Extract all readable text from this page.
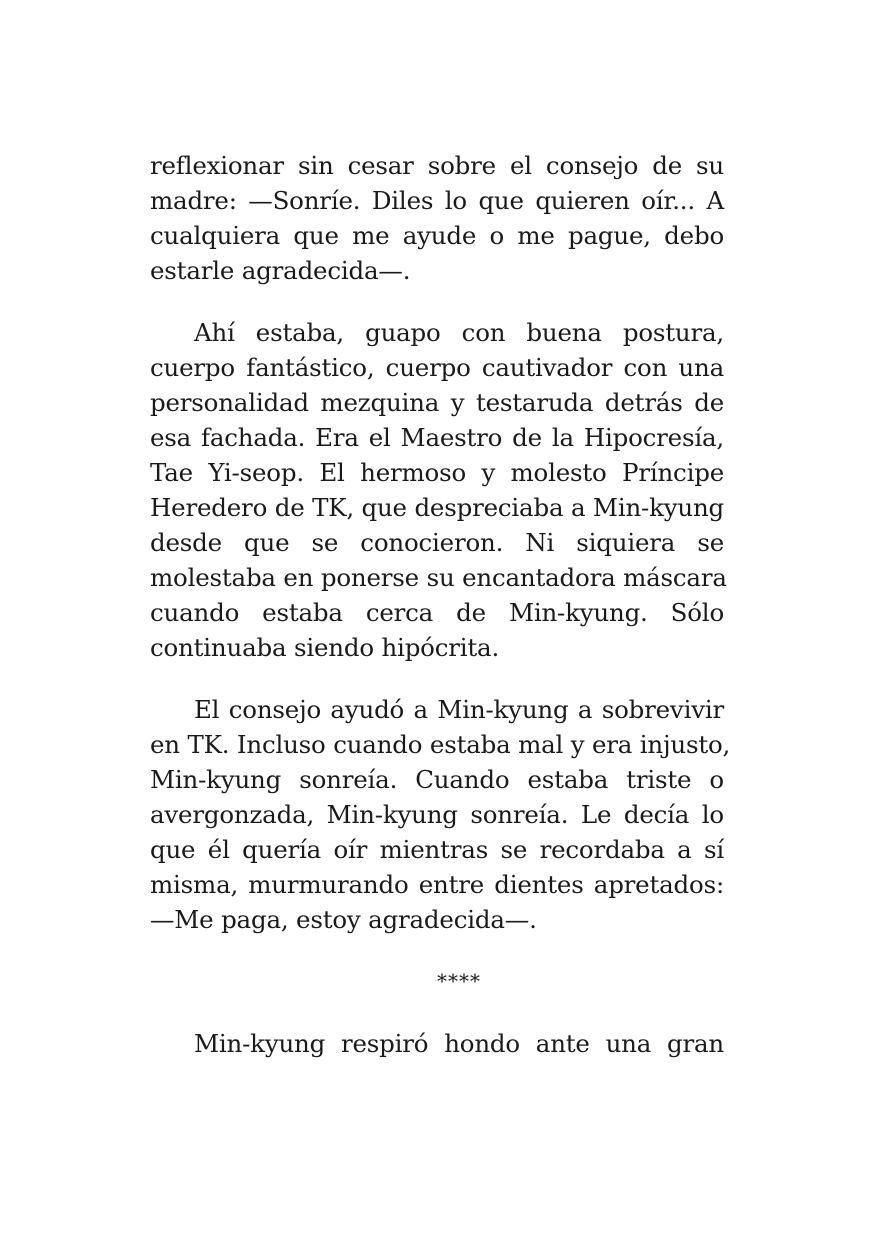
reflexionar sin cesar sobre el consejo de su
madre: —Sonríe. Diles lo que quieren oír... A
cualquiera que me ayude o me pague, debo
estarle agradecida—.

Ahí estaba, guapo con buena postura,
cuerpo fantástico, cuerpo cautivador con una
personalidad mezquina y testaruda detrás de
esa fachada. Era el Maestro de la Hipocresía,
Tae Yi-seop. El hermoso y molesto Príncipe
Heredero de TK, que despreciaba a Min-kyung
desde que se conocieron. Ni siquiera se
molestaba en ponerse su encantadora máscara
cuando estaba cerca de Min-kyung. Sólo
continuaba siendo hipócrita.

El consejo ayudó a Min-kyung a sobrevivir
en TK. Incluso cuando estaba mal y era injusto,
Min-kyung sonreía. Cuando estaba triste o
avergonzada, Min-kyung sonreía. Le decía lo
que él quería oír mientras se recordaba a sí
misma, murmurando entre dientes apretados:
—Me paga, estoy agradecida—.

****

Min-kyung respiró hondo ante una gran
